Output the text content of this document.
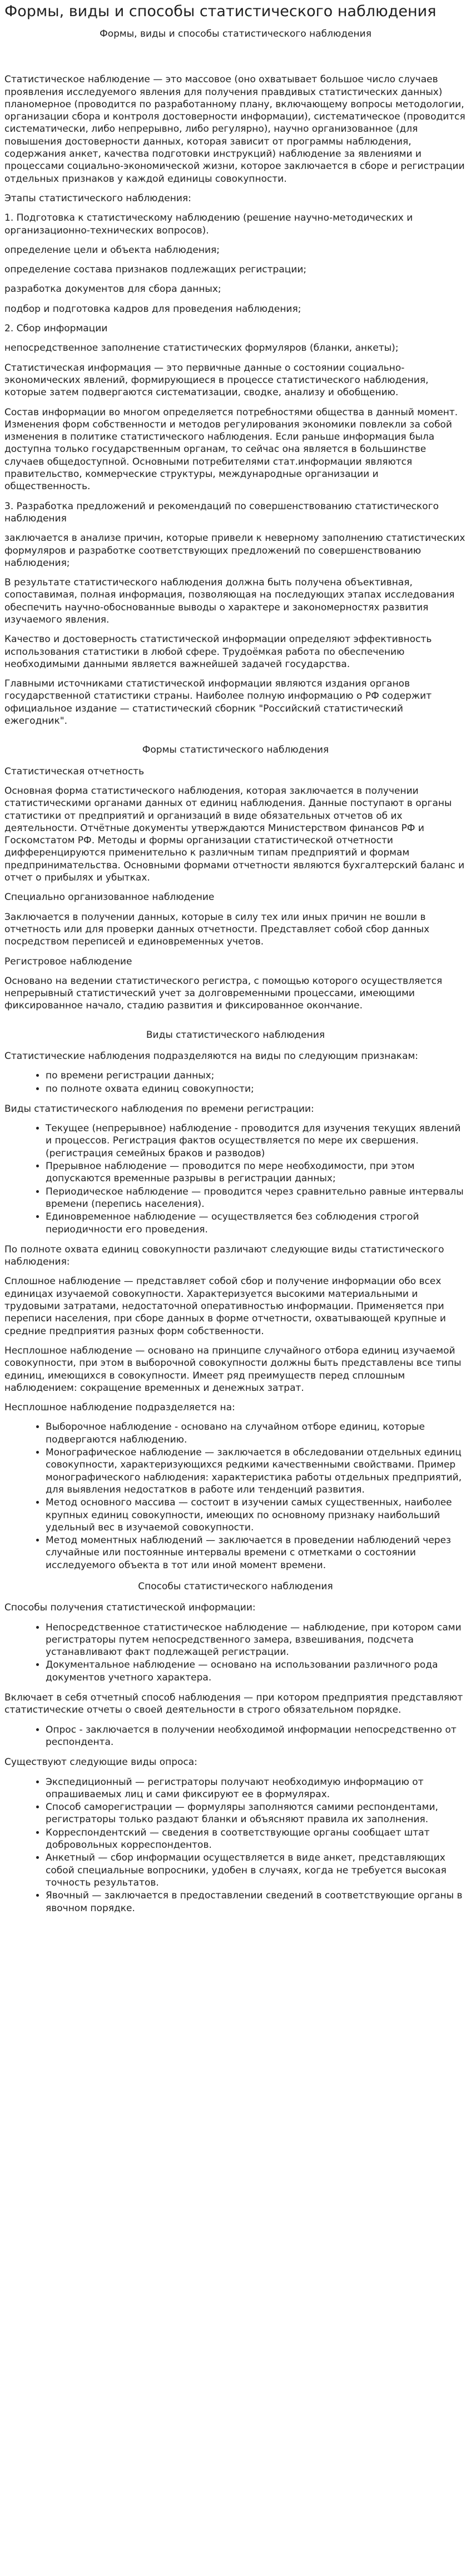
Формы, виды и способы статистического наблюдения

Формы, виды и способы статистического наблюдения

Статистическое наблюдение — это массовое (оно охватывает большое число случаев проявления исследуемого явления для получения правдивых статистических данных) планомерное (проводится по разработанному плану, включающему вопросы методологии, организации сбора и контроля достоверности информации), систематическое (проводится систематически, либо непрерывно, либо регулярно), научно организованное (для повышения достоверности данных, которая зависит от программы наблюдения, содержания анкет, качества подготовки инструкций) наблюдение за явлениями и процессами социально-экономической жизни, которое заключается в сборе и регистрации отдельных признаков у каждой единицы совокупности.

Этапы статистического наблюдения:

1. Подготовка к статистическому наблюдению (решение научно-методических и организационно-технических вопросов).

определение цели и объекта наблюдения;

определение состава признаков подлежащих регистрации;

разработка документов для сбора данных;

подбор и подготовка кадров для проведения наблюдения;

2. Сбор информации

непосредственное заполнение статистических формуляров (бланки, анкеты);

Статистическая информация — это первичные данные о состоянии социально-экономических явлений, формирующиеся в процессе статистического наблюдения, которые затем подвергаются систематизации, сводке, анализу и обобщению.

Состав информации во многом определяется потребностями общества в данный момент. Изменения форм собственности и методов регулирования экономики повлекли за собой изменения в политике статистического наблюдения. Если раньше информация была доступна только государственным органам, то сейчас она является в большинстве случаев общедоступной. Основными потребителями стат.информации являются правительство, коммерческие структуры, международные организации и общественность.

3. Разработка предложений и рекомендаций по совершенствованию статистического наблюдения

заключается в анализе причин, которые привели к неверному заполнению статистических формуляров и разработке соответствующих предложений по совершенствованию наблюдения;

В результате статистического наблюдения должна быть получена объективная, сопоставимая, полная информация, позволяющая на последующих этапах исследования обеспечить научно-обоснованные выводы о характере и закономерностях развития изучаемого явления.

Качество и достоверность статистической информации определяют эффективность использования статистики в любой сфере. Трудоёмкая работа по обеспечению необходимыми данными является важнейшей задачей государства.

Главными источниками статистической информации являются издания органов государственной статистики страны. Наиболее полную информацию о РФ содержит официальное издание — статистический сборник "Российский статистический ежегодник".

Формы статистического наблюдения

Статистическая отчетность

Основная форма статистического наблюдения, которая заключается в получении статистическими органами данных от единиц наблюдения. Данные поступают в органы статистики от предприятий и организаций в виде обязательных отчетов об их деятельности. Отчётные документы утверждаются Министерством финансов РФ и Госкомстатом РФ. Методы и формы организации статистической отчетности дифференцируются применительно к различным типам предприятий и формам предпринимательства. Основными формами отчетности являются бухгалтерский баланс и отчет о прибылях и убытках.

Специально организованное наблюдение

Заключается в получении данных, которые в силу тех или иных причин не вошли в отчетность или для проверки данных отчетности. Представляет собой сбор данных посредством переписей и единовременных учетов.

Регистровое наблюдение

Основано на ведении статистического регистра, с помощью которого осуществляется непрерывный статистический учет за долговременными процессами, имеющими фиксированное начало, стадию развития и фиксированное окончание.

Виды статистического наблюдения

Статистические наблюдения подразделяются на виды по следующим признакам:

• по времени регистрации данных;
• по полноте охвата единиц совокупности;

Виды статистического наблюдения по времени регистрации:

• Текущее (непрерывное) наблюдение - проводится для изучения текущих явлений и процессов. Регистрация фактов осуществляется по мере их свершения. (регистрация семейных браков и разводов)
• Прерывное наблюдение — проводится по мере необходимости, при этом допускаются временные разрывы в регистрации данных;
• Периодическое наблюдение — проводится через сравнительно равные интервалы времени (перепись населения).
• Единовременное наблюдение — осуществляется без соблюдения строгой периодичности его проведения.

По полноте охвата единиц совокупности различают следующие виды статистического наблюдения:

Сплошное наблюдение — представляет собой сбор и получение информации обо всех единицах изучаемой совокупности. Характеризуется высокими материальными и трудовыми затратами, недостаточной оперативностью информации. Применяется при переписи населения, при сборе данных в форме отчетности, охватывающей крупные и средние предприятия разных форм собственности.

Несплошное наблюдение — основано на принципе случайного отбора единиц изучаемой совокупности, при этом в выборочной совокупности должны быть представлены все типы единиц, имеющихся в совокупности. Имеет ряд преимуществ перед сплошным наблюдением: сокращение временных и денежных затрат.

Несплошное наблюдение подразделяется на:

• Выборочное наблюдение - основано на случайном отборе единиц, которые подвергаются наблюдению.
• Монографическое наблюдение — заключается в обследовании отдельных единиц совокупности, характеризующихся редкими качественными свойствами. Пример монографического наблюдения: характеристика работы отдельных предприятий, для выявления недостатков в работе или тенденций развития.
• Метод основного массива — состоит в изучении самых существенных, наиболее крупных единиц совокупности, имеющих по основному признаку наибольший удельный вес в изучаемой совокупности.
• Метод моментных наблюдений — заключается в проведении наблюдений через случайные или постоянные интервалы времени с отметками о состоянии исследуемого объекта в тот или иной момент времени.

Способы статистического наблюдения

Способы получения статистической информации:

• Непосредственное статистическое наблюдение — наблюдение, при котором сами регистраторы путем непосредственного замера, взвешивания, подсчета устанавливают факт подлежащей регистрации.
• Документальное наблюдение — основано на использовании различного рода документов учетного характера.

Включает в себя отчетный способ наблюдения — при котором предприятия представляют статистические отчеты о своей деятельности в строго обязательном порядке.

• Опрос - заключается в получении необходимой информации непосредственно от респондента.

Существуют следующие виды опроса:

• Экспедиционный — регистраторы получают необходимую информацию от опрашиваемых лиц и сами фиксируют ее в формулярах.
• Способ саморегистрации — формуляры заполняются самими респондентами, регистраторы только раздают бланки и объясняют правила их заполнения.
• Корреспондентский — сведения в соответствующие органы сообщает штат добровольных корреспондентов.
• Анкетный — сбор информации осуществляется в виде анкет, представляющих собой специальные вопросники, удобен в случаях, когда не требуется высокая точность результатов.
• Явочный — заключается в предоставлении сведений в соответствующие органы в явочном порядке.
